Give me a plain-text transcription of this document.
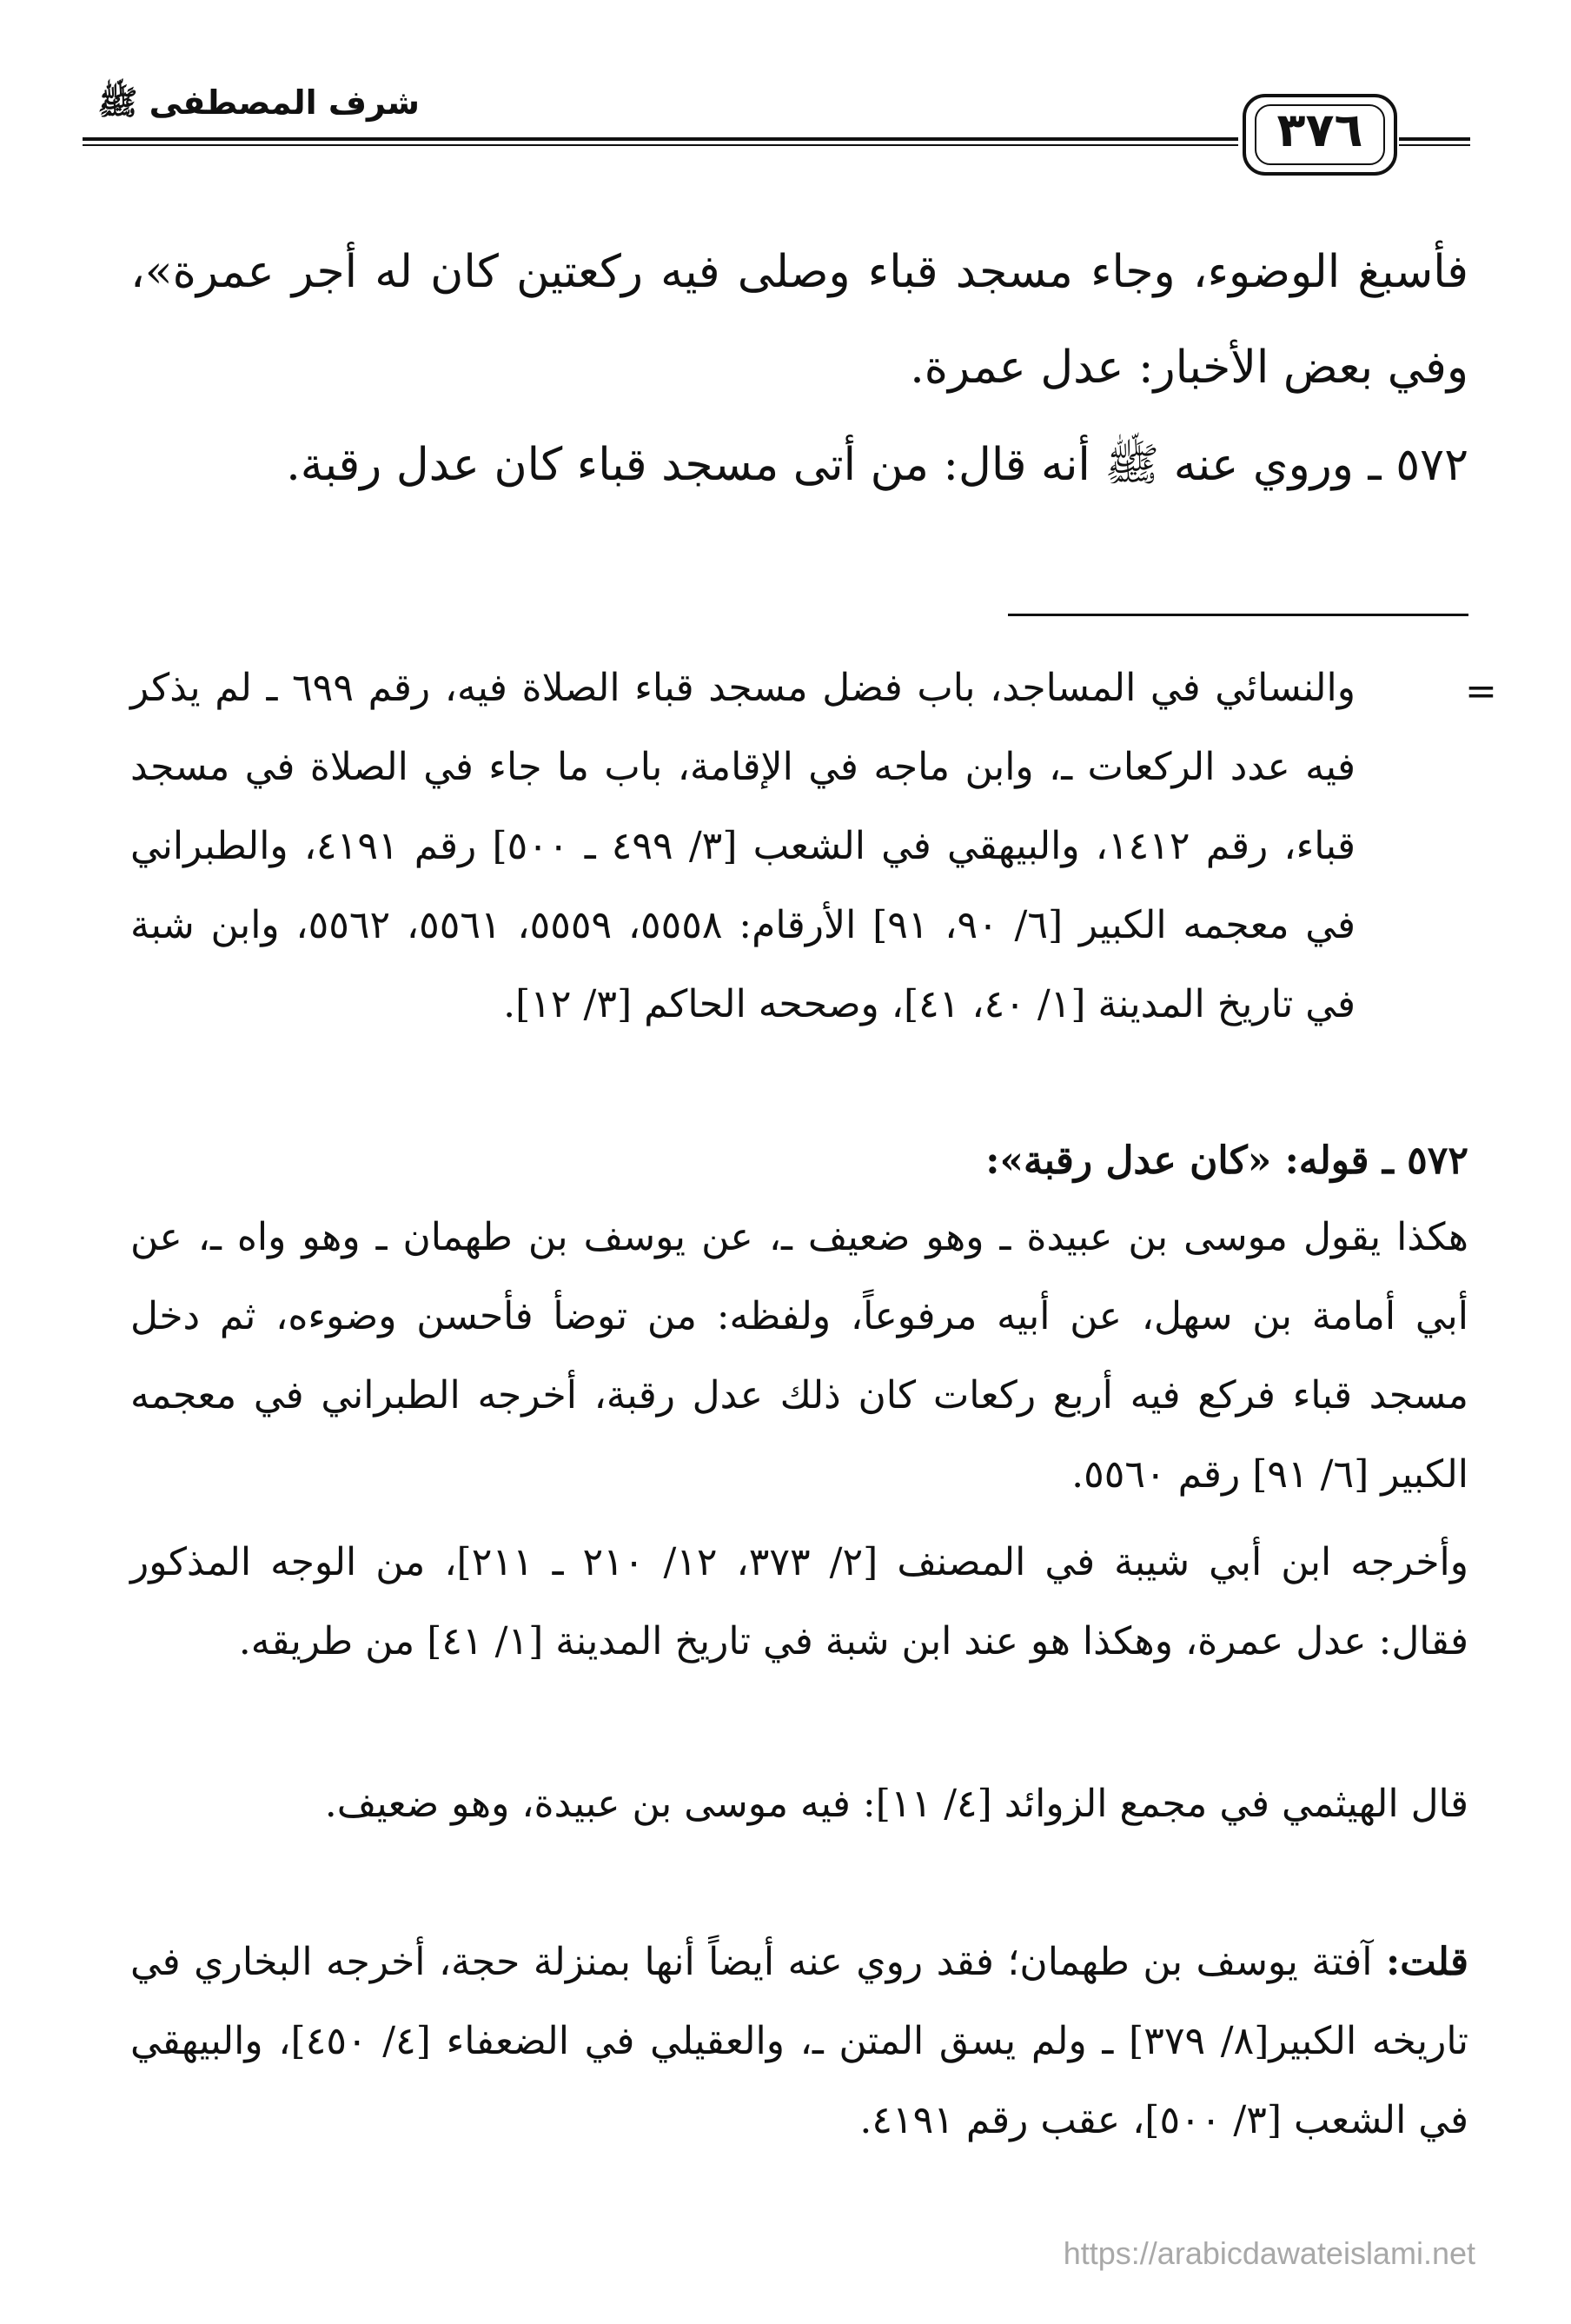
شرف المصطفى ﷺ	٣٧٦
فأسبغ الوضوء، وجاء مسجد قباء وصلى فيه ركعتين كان له أجر عمرة»، وفي بعض الأخبار: عدل عمرة.
٥٧٢ ـ وروي عنه ﷺ أنه قال: من أتى مسجد قباء كان عدل رقبة.
=
والنسائي في المساجد، باب فضل مسجد قباء الصلاة فيه، رقم ٦٩٩ ـ لم يذكر فيه عدد الركعات ـ، وابن ماجه في الإقامة، باب ما جاء في الصلاة في مسجد قباء، رقم ١٤١٢، والبيهقي في الشعب [٣/ ٤٩٩ ـ ٥٠٠] رقم ٤١٩١، والطبراني في معجمه الكبير [٦/ ٩٠، ٩١] الأرقام: ٥٥٥٨، ٥٥٥٩، ٥٥٦١، ٥٥٦٢، وابن شبة في تاريخ المدينة [١/ ٤٠، ٤١]، وصححه الحاكم [٣/ ١٢].
٥٧٢ ـ قوله: «كان عدل رقبة»:
هكذا يقول موسى بن عبيدة ـ وهو ضعيف ـ، عن يوسف بن طهمان ـ وهو واه ـ، عن أبي أمامة بن سهل، عن أبيه مرفوعاً، ولفظه: من توضأ فأحسن وضوءه، ثم دخل مسجد قباء فركع فيه أربع ركعات كان ذلك عدل رقبة، أخرجه الطبراني في معجمه الكبير [٦/ ٩١] رقم ٥٥٦٠.
وأخرجه ابن أبي شيبة في المصنف [٢/ ٣٧٣، ١٢/ ٢١٠ ـ ٢١١]، من الوجه المذكور فقال: عدل عمرة، وهكذا هو عند ابن شبة في تاريخ المدينة [١/ ٤١] من طريقه.
قال الهيثمي في مجمع الزوائد [٤/ ١١]: فيه موسى بن عبيدة، وهو ضعيف.
قلت: آفتة يوسف بن طهمان؛ فقد روي عنه أيضاً أنها بمنزلة حجة، أخرجه البخاري في تاريخه الكبير[٨/ ٣٧٩] ـ ولم يسق المتن ـ، والعقيلي في الضعفاء [٤/ ٤٥٠]، والبيهقي في الشعب [٣/ ٥٠٠]، عقب رقم ٤١٩١.
https://arabicdawateislami.net
